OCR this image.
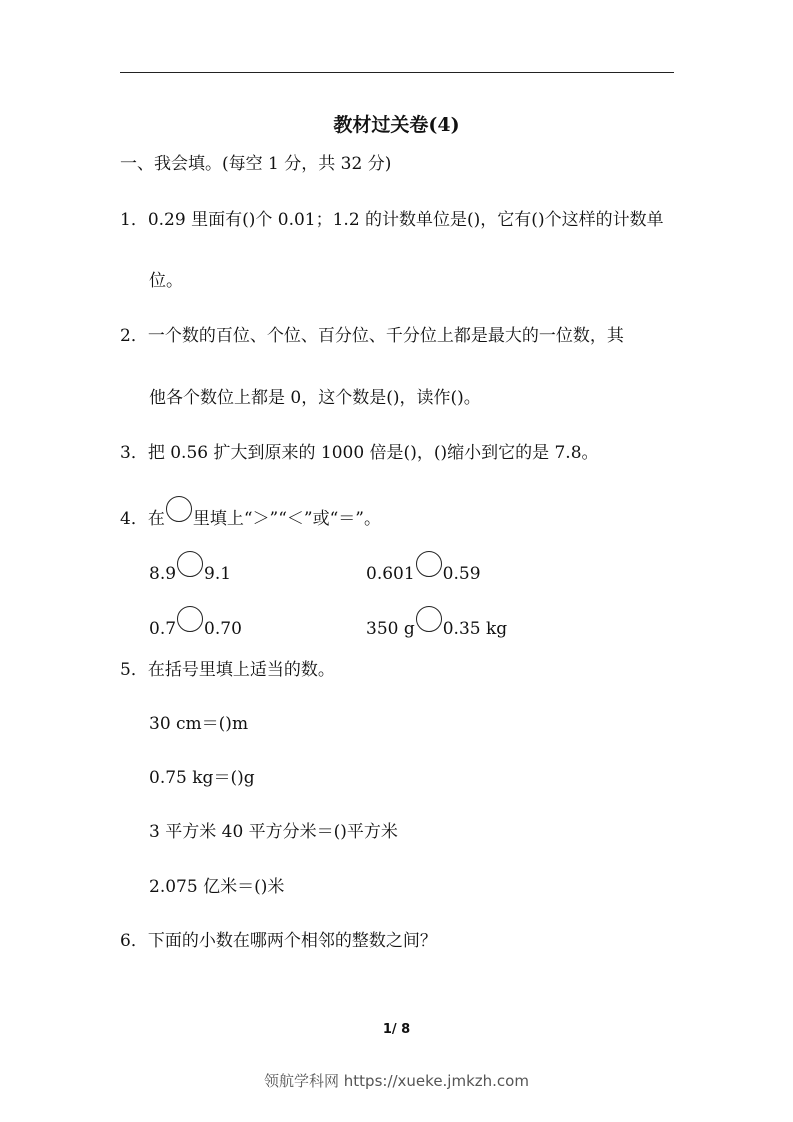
教材过关卷(4)
一、我会填。(每空 1 分，共 32 分)
1．0.29 里面有()个 0.01；1.2 的计数单位是()，它有()个这样的计数单
位。
2．一个数的百位、个位、百分位、千分位上都是最大的一位数，其
他各个数位上都是 0，这个数是()，读作()。
3．把 0.56 扩大到原来的 1000 倍是()，()缩小到它的是 7.8。
4．在 里填上“＞”“＜”或“＝”。
8.9 9.1	0.601 0.59
0.7 0.70	350 g 0.35 kg
5．在括号里填上适当的数。
30 cm＝()m
0.75 kg＝()g
3 平方米 40 平方分米＝()平方米
2.075 亿米＝()米
6．下面的小数在哪两个相邻的整数之间？
1/ 8
领航学科网 https://xueke.jmkzh.com
